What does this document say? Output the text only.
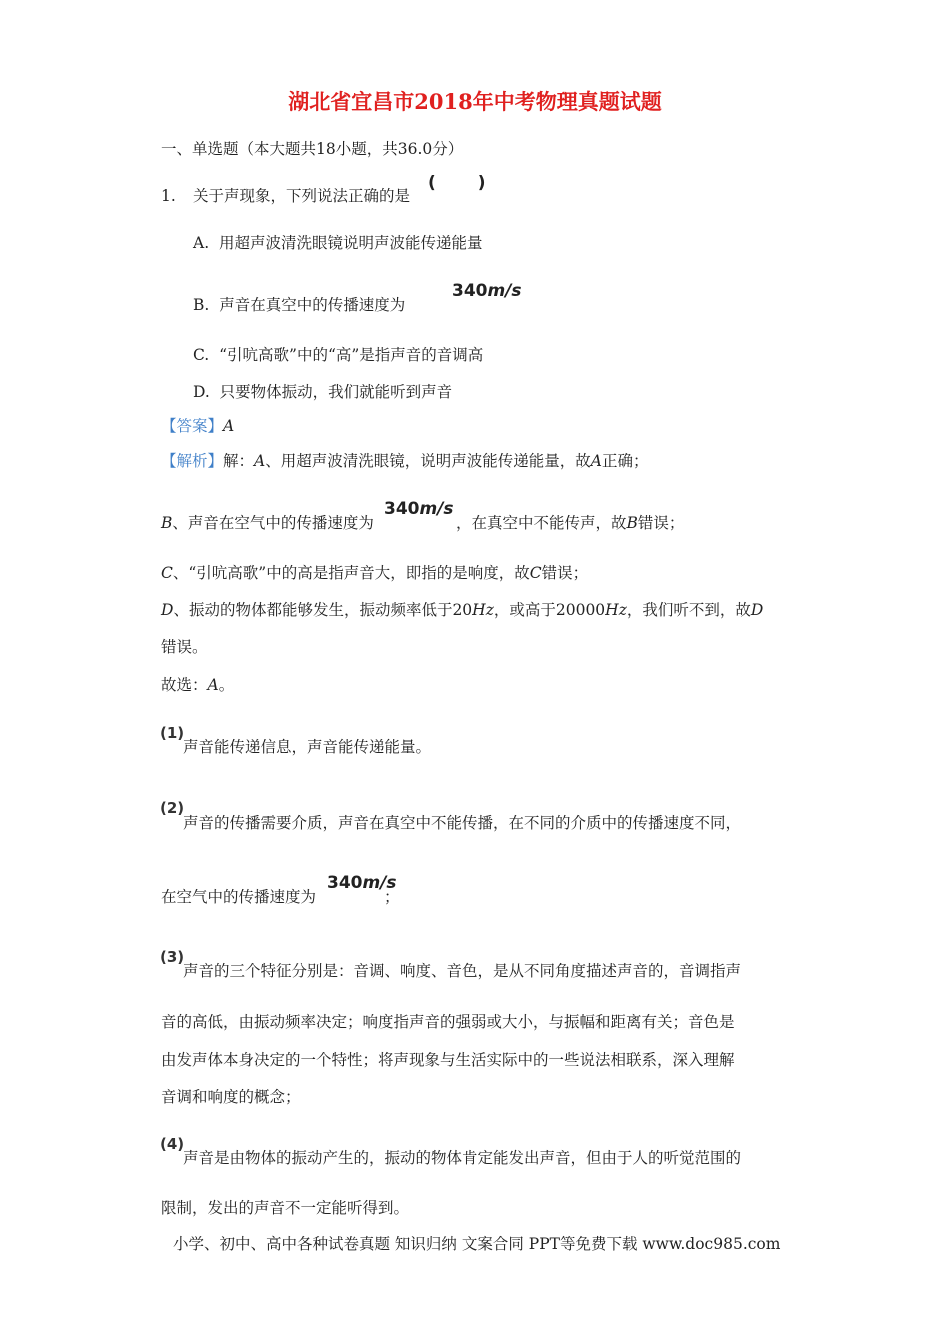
湖北省宜昌市2018年中考物理真题试题
一、单选题（本大题共18小题，共36.0分）
1. 关于声现象，下列说法正确的是
( )
A. 用超声波清洗眼镜说明声波能传递能量
B. 声音在真空中的传播速度为
340m/s
C. “引吭高歌”中的“高”是指声音的音调高
D. 只要物体振动，我们就能听到声音
【答案】A
【解析】解：A、用超声波清洗眼镜，说明声波能传递能量，故A正确；
B、声音在空气中的传播速度为
340m/s
，在真空中不能传声，故B错误；
C、“引吭高歌”中的高是指声音大，即指的是响度，故C错误；
D、振动的物体都能够发生，振动频率低于20Hz，或高于20000Hz，我们听不到，故D
错误。
故选：A。
(1)
声音能传递信息，声音能传递能量。
(2)
声音的传播需要介质，声音在真空中不能传播，在不同的介质中的传播速度不同，
在空气中的传播速度为
340m/s
；
(3)
声音的三个特征分别是：音调、响度、音色，是从不同角度描述声音的，音调指声
音的高低，由振动频率决定；响度指声音的强弱或大小，与振幅和距离有关；音色是
由发声体本身决定的一个特性；将声现象与生活实际中的一些说法相联系，深入理解
音调和响度的概念；
(4)
声音是由物体的振动产生的，振动的物体肯定能发出声音，但由于人的听觉范围的
限制，发出的声音不一定能听得到。
小学、初中、高中各种试卷真题 知识归纳 文案合同 PPT等免费下载 www.doc985.com
